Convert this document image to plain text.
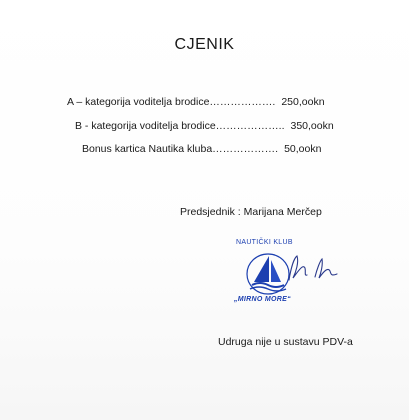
CJENIK
A – kategorija voditelja brodice………………. 250,ookn
B - kategorija voditelja brodice……………….. 350,ookn
Bonus kartica Nautika kluba………………. 50,ookn
Predsjednik : Marijana Merčep
NAUTIČKI KLUB
„MIRNO MORE“
Udruga nije u sustavu PDV-a
